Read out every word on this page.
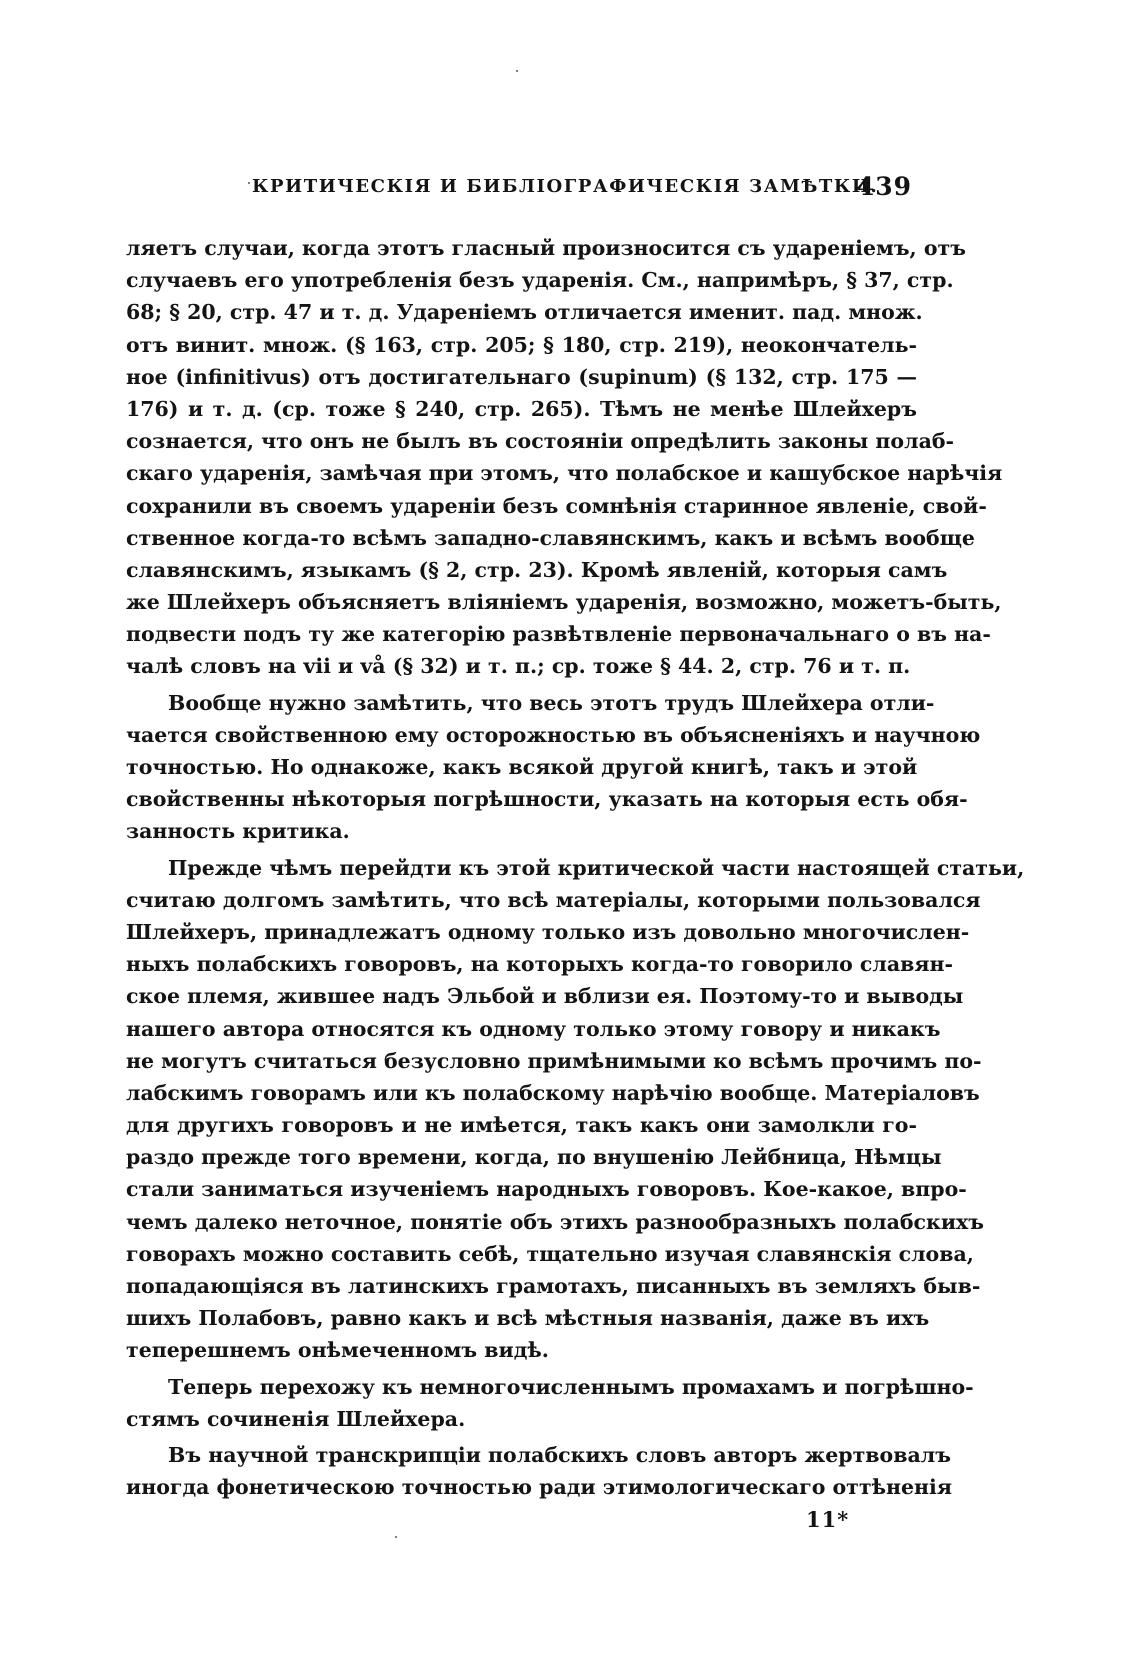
КРИТИЧЕСКІЯ И БИБЛІОГРАФИЧЕСКІЯ ЗАМѢТКИ.
439
ляетъ случаи, когда этотъ гласный произносится съ удареніемъ, отъ
случаевъ его употребленія безъ ударенія. См., напримѣръ, § 37, стр.
68; § 20, стр. 47 и т. д. Удареніемъ отличается именит. пад. множ.
отъ винит. множ. (§ 163, стр. 205; § 180, стр. 219), неокончатель-
ное (infinitivus) отъ достигательнаго (supinum) (§ 132, стр. 175 —
176) и т. д. (ср. тоже § 240, стр. 265). Тѣмъ не менѣе Шлейхеръ
сознается, что онъ не былъ въ состояніи опредѣлить законы полаб-
скаго ударенія, замѣчая при этомъ, что полабское и кашубское нарѣчія
сохранили въ своемъ удареніи безъ сомнѣнія старинное явленіе, свой-
ственное когда-то всѣмъ западно-славянскимъ, какъ и всѣмъ вообще
славянскимъ, языкамъ (§ 2, стр. 23). Кромѣ явленій, которыя самъ
же Шлейхеръ объясняетъ вліяніемъ ударенія, возможно, можетъ-быть,
подвести подъ ту же категорію развѣтвленіе первоначальнаго o въ на-
чалѣ словъ на vii и vå (§ 32) и т. п.; ср. тоже § 44. 2, стр. 76 и т. п.
Вообще нужно замѣтить, что весь этотъ трудъ Шлейхера отли-
чается свойственною ему осторожностью въ объясненіяхъ и научною
точностью. Но однакоже, какъ всякой другой книгѣ, такъ и этой
свойственны нѣкоторыя погрѣшности, указать на которыя есть обя-
занность критика.
Прежде чѣмъ перейдти къ этой критической части настоящей статьи,
считаю долгомъ замѣтить, что всѣ матеріалы, которыми пользовался
Шлейхеръ, принадлежатъ одному только изъ довольно многочислен-
ныхъ полабскихъ говоровъ, на которыхъ когда-то говорило славян-
ское племя, жившее надъ Эльбой и вблизи ея. Поэтому-то и выводы
нашего автора относятся къ одному только этому говору и никакъ
не могутъ считаться безусловно примѣнимыми ко всѣмъ прочимъ по-
лабскимъ говорамъ или къ полабскому нарѣчію вообще. Матеріаловъ
для другихъ говоровъ и не имѣется, такъ какъ они замолкли го-
раздо прежде того времени, когда, по внушенію Лейбница, Нѣмцы
стали заниматься изученіемъ народныхъ говоровъ. Кое-какое, впро-
чемъ далеко неточное, понятіе объ этихъ разнообразныхъ полабскихъ
говорахъ можно составить себѣ, тщательно изучая славянскія слова,
попадающіяся въ латинскихъ грамотахъ, писанныхъ въ земляхъ быв-
шихъ Полабовъ, равно какъ и всѣ мѣстныя названія, даже въ ихъ
теперешнемъ онѣмеченномъ видѣ.
Теперь перехожу къ немногочисленнымъ промахамъ и погрѣшно-
стямъ сочиненія Шлейхера.
Въ научной транскрипціи полабскихъ словъ авторъ жертвовалъ
иногда фонетическою точностью ради этимологическаго оттѣненія
11*
